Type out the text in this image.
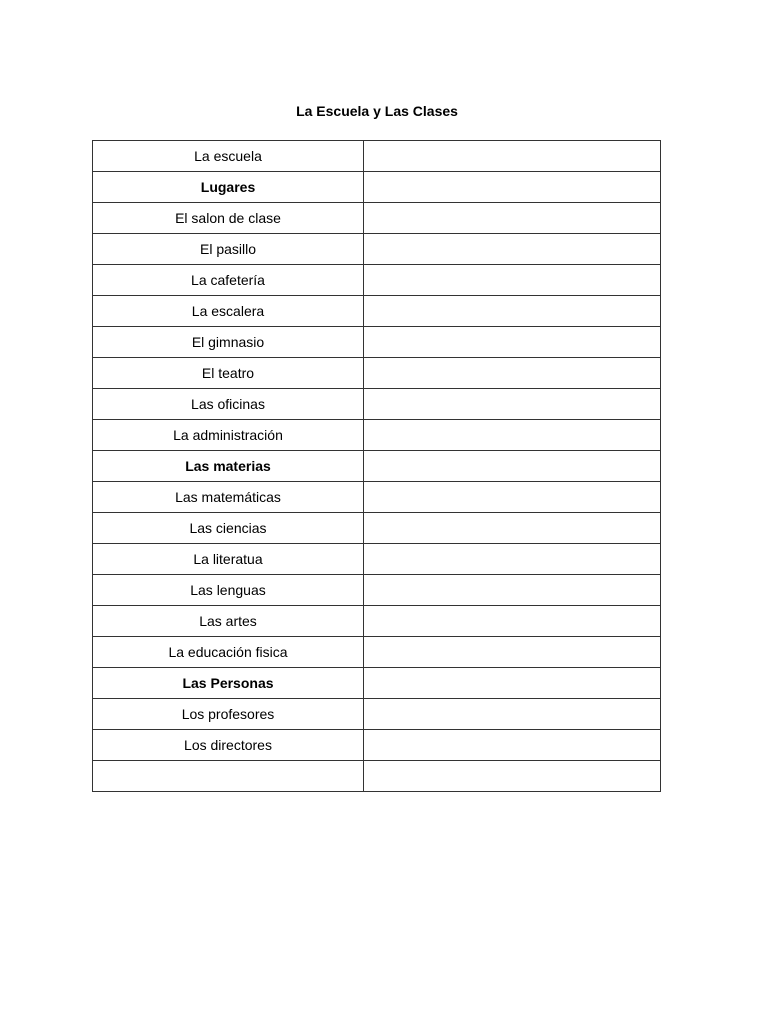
La Escuela y Las Clases
La escuela	
Lugares	
El salon de clase	
El pasillo	
La cafetería	
La escalera	
El gimnasio	
El teatro	
Las oficinas	
La administración	
Las materias	
Las matemáticas	
Las ciencias	
La literatua	
Las lenguas	
Las artes	
La educación fisica	
Las Personas	
Los profesores	
Los directores	
